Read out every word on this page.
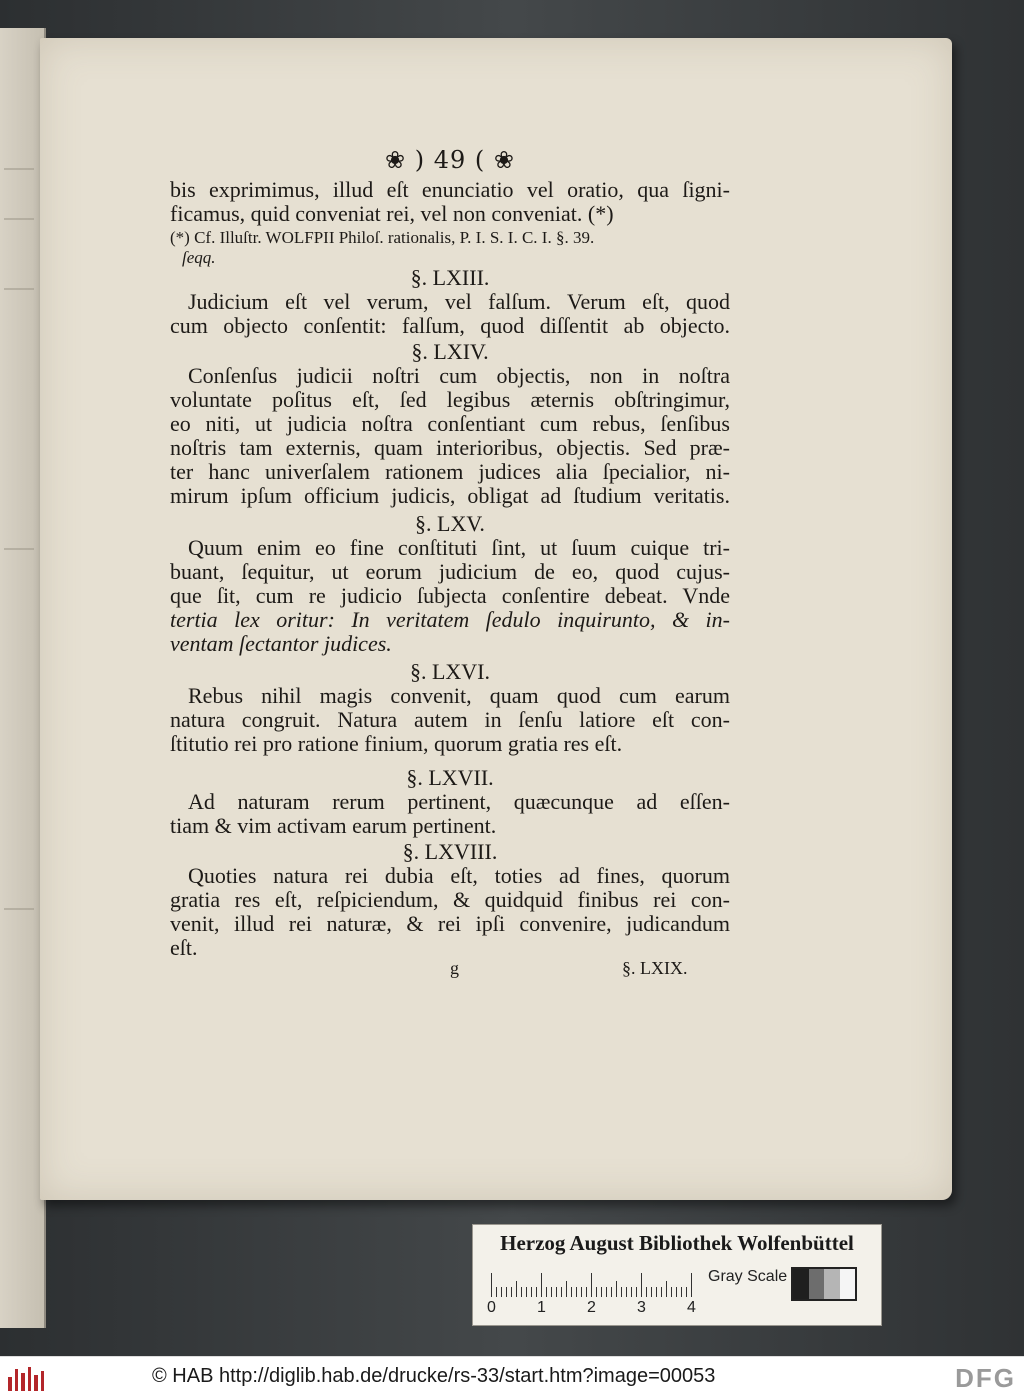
❀ ) 49 ( ❀
bis exprimimus, illud eſt enunciatio vel oratio, qua ſigni-
ficamus, quid conveniat rei, vel non conveniat. (*)
(*) Cf. Illuſtr. WOLFPII Philoſ. rationalis, P. I. S. I. C. I. §. 39.
ſeqq.
§. LXIII.
Judicium eſt vel verum, vel falſum. Verum eſt, quod
cum objecto conſentit: falſum, quod diſſentit ab objecto.
§. LXIV.
Conſenſus judicii noſtri cum objectis, non in noſtra
voluntate poſitus eſt, ſed legibus æternis obſtringimur,
eo niti, ut judicia noſtra conſentiant cum rebus, ſenſibus
noſtris tam externis, quam interioribus, objectis. Sed præ-
ter hanc univerſalem rationem judices alia ſpecialior, ni-
mirum ipſum officium judicis, obligat ad ſtudium veritatis.
§. LXV.
Quum enim eo fine conſtituti ſint, ut ſuum cuique tri-
buant, ſequitur, ut eorum judicium de eo, quod cujus-
que ſit, cum re judicio ſubjecta conſentire debeat. Vnde
tertia lex oritur: In veritatem ſedulo inquirunto, & in-
ventam ſectantor judices.
§. LXVI.
Rebus nihil magis convenit, quam quod cum earum
natura congruit. Natura autem in ſenſu latiore eſt con-
ſtitutio rei pro ratione finium, quorum gratia res eſt.
§. LXVII.
Ad naturam rerum pertinent, quæcunque ad eſſen-
tiam & vim activam earum pertinent.
§. LXVIII.
Quoties natura rei dubia eſt, toties ad fines, quorum
gratia res eſt, reſpiciendum, & quidquid finibus rei con-
venit, illud rei naturæ, & rei ipſi convenire, judicandum
eſt.
g	§. LXIX.
Herzog August Bibliothek Wolfenbüttel
0	1	2	3	4
Gray Scale
© HAB http://diglib.hab.de/drucke/rs-33/start.htm?image=00053	DFG
